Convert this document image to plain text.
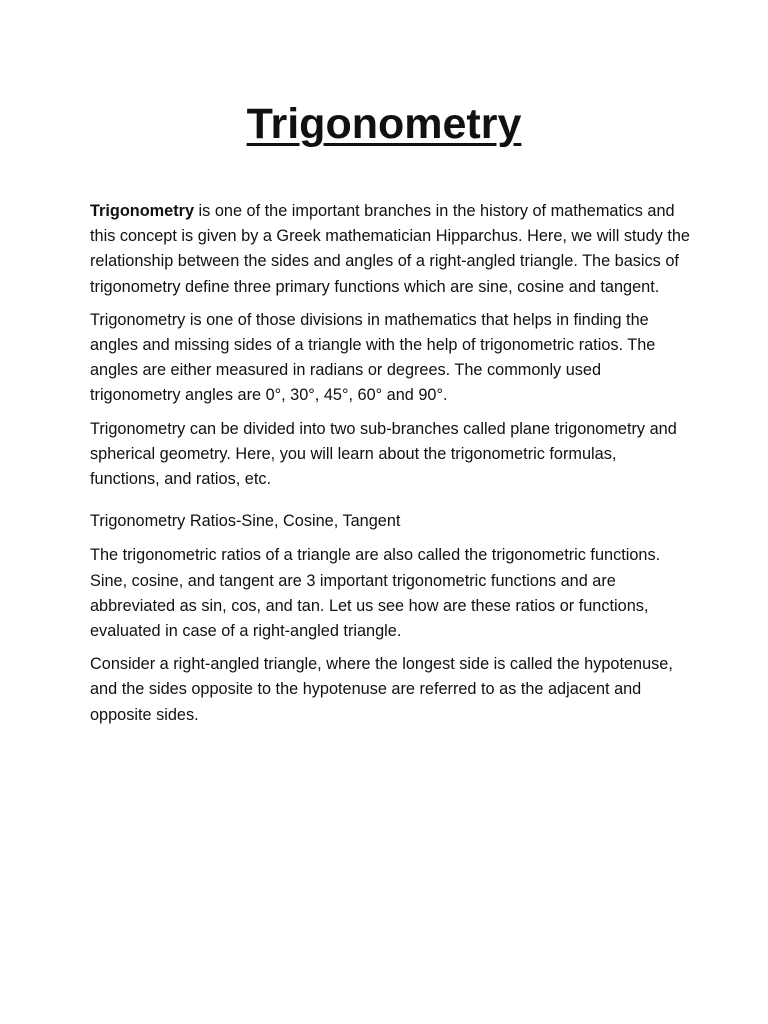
Trigonometry

Trigonometry is one of the important branches in the history of mathematics and this concept is given by a Greek mathematician Hipparchus. Here, we will study the relationship between the sides and angles of a right-angled triangle. The basics of trigonometry define three primary functions which are sine, cosine and tangent.

Trigonometry is one of those divisions in mathematics that helps in finding the angles and missing sides of a triangle with the help of trigonometric ratios. The angles are either measured in radians or degrees. The commonly used trigonometry angles are 0°, 30°, 45°, 60° and 90°.

Trigonometry can be divided into two sub-branches called plane trigonometry and spherical geometry. Here, you will learn about the trigonometric formulas, functions, and ratios, etc.

Trigonometry Ratios-Sine, Cosine, Tangent

The trigonometric ratios of a triangle are also called the trigonometric functions. Sine, cosine, and tangent are 3 important trigonometric functions and are abbreviated as sin, cos, and tan. Let us see how are these ratios or functions, evaluated in case of a right-angled triangle.

Consider a right-angled triangle, where the longest side is called the hypotenuse, and the sides opposite to the hypotenuse are referred to as the adjacent and opposite sides.
